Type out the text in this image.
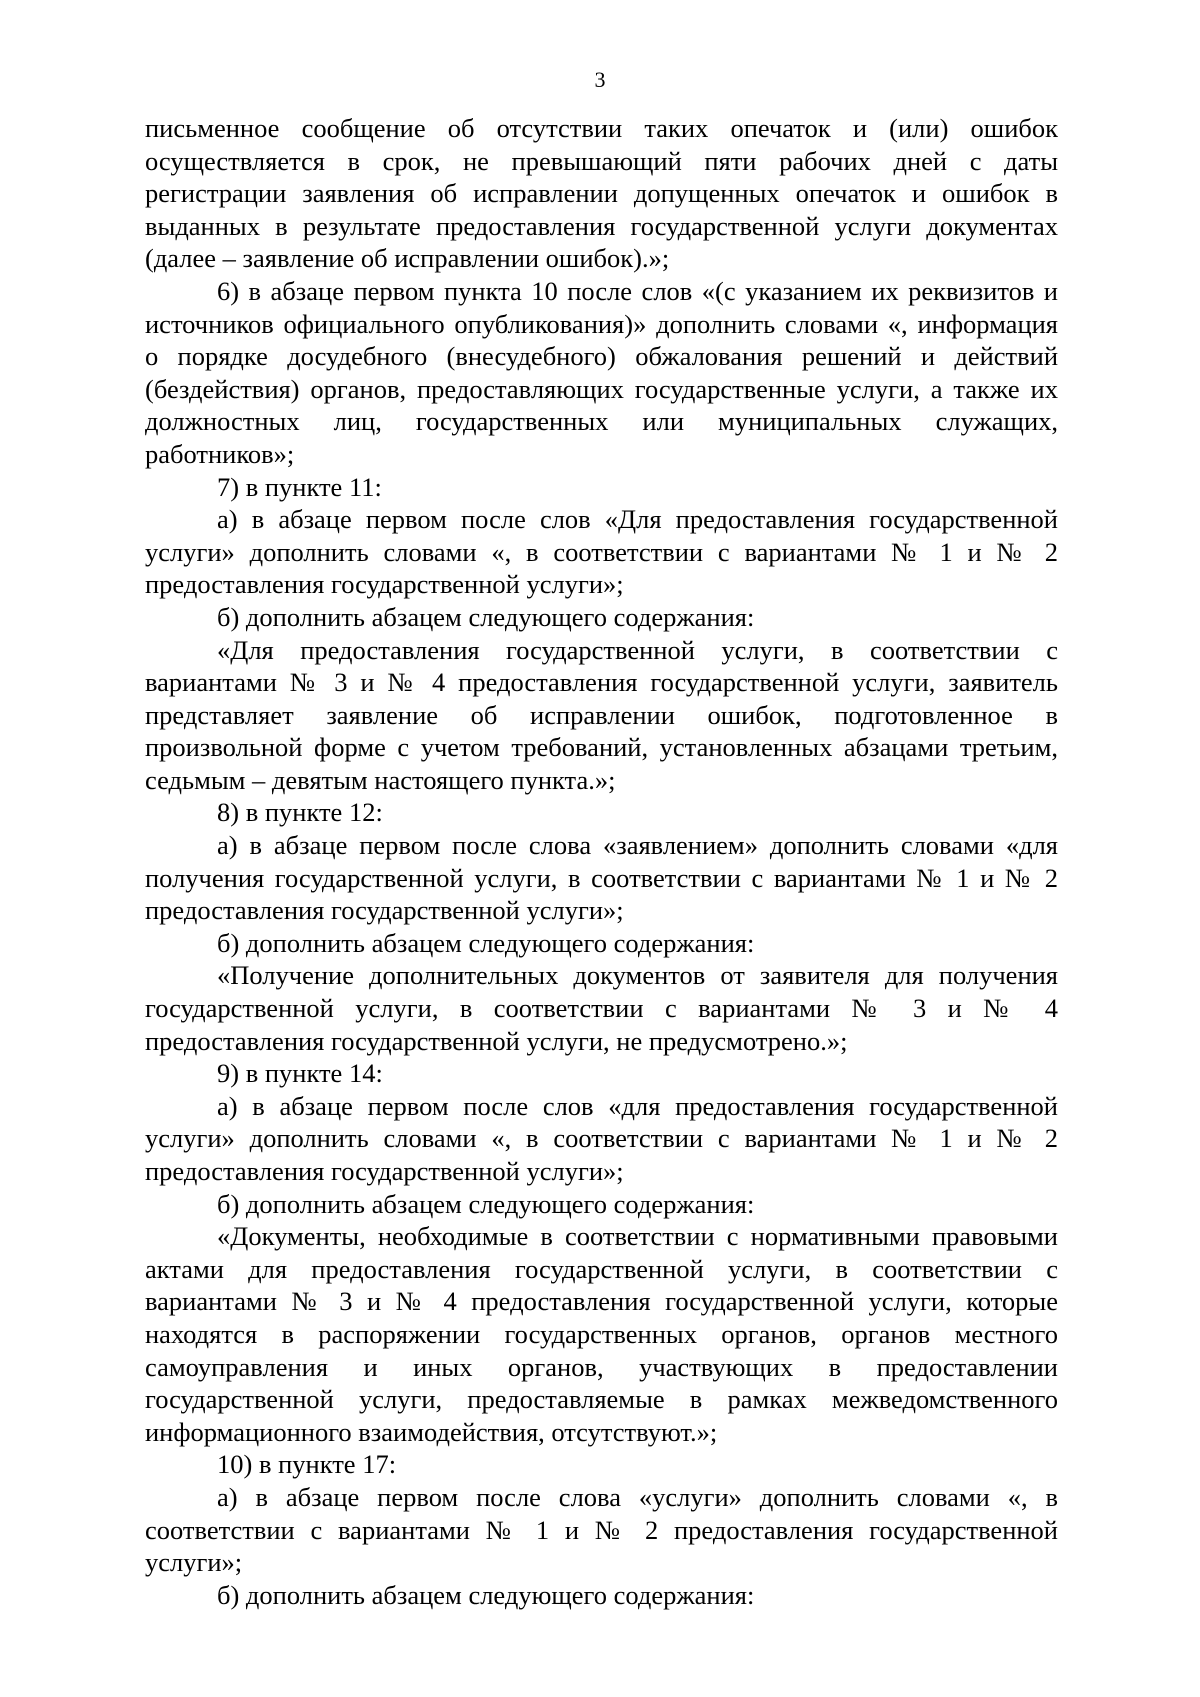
3

письменное сообщение об отсутствии таких опечаток и (или) ошибок осуществляется в срок, не превышающий пяти рабочих дней с даты регистрации заявления об исправлении допущенных опечаток и ошибок в выданных в результате предоставления государственной услуги документах (далее – заявление об исправлении ошибок).»;

6) в абзаце первом пункта 10 после слов «(с указанием их реквизитов и источников официального опубликования)» дополнить словами «, информация о порядке досудебного (внесудебного) обжалования решений и действий (бездействия) органов, предоставляющих государственные услуги, а также их должностных лиц, государственных или муниципальных служащих, работников»;

7) в пункте 11:

а) в абзаце первом после слов «Для предоставления государственной услуги» дополнить словами «, в соответствии с вариантами № 1 и № 2 предоставления государственной услуги»;

б) дополнить абзацем следующего содержания:

«Для предоставления государственной услуги, в соответствии с вариантами № 3 и № 4 предоставления государственной услуги, заявитель представляет заявление об исправлении ошибок, подготовленное в произвольной форме с учетом требований, установленных абзацами третьим, седьмым – девятым настоящего пункта.»;

8) в пункте 12:

а) в абзаце первом после слова «заявлением» дополнить словами «для получения государственной услуги, в соответствии с вариантами № 1 и № 2 предоставления государственной услуги»;

б) дополнить абзацем следующего содержания:

«Получение дополнительных документов от заявителя для получения государственной услуги, в соответствии с вариантами № 3 и № 4 предоставления государственной услуги, не предусмотрено.»;

9) в пункте 14:

а) в абзаце первом после слов «для предоставления государственной услуги» дополнить словами «, в соответствии с вариантами № 1 и № 2 предоставления государственной услуги»;

б) дополнить абзацем следующего содержания:

«Документы, необходимые в соответствии с нормативными правовыми актами для предоставления государственной услуги, в соответствии с вариантами № 3 и № 4 предоставления государственной услуги, которые находятся в распоряжении государственных органов, органов местного самоуправления и иных органов, участвующих в предоставлении государственной услуги, предоставляемые в рамках межведомственного информационного взаимодействия, отсутствуют.»;

10) в пункте 17:

а) в абзаце первом после слова «услуги» дополнить словами «, в соответствии с вариантами № 1 и № 2 предоставления государственной услуги»;

б) дополнить абзацем следующего содержания:
